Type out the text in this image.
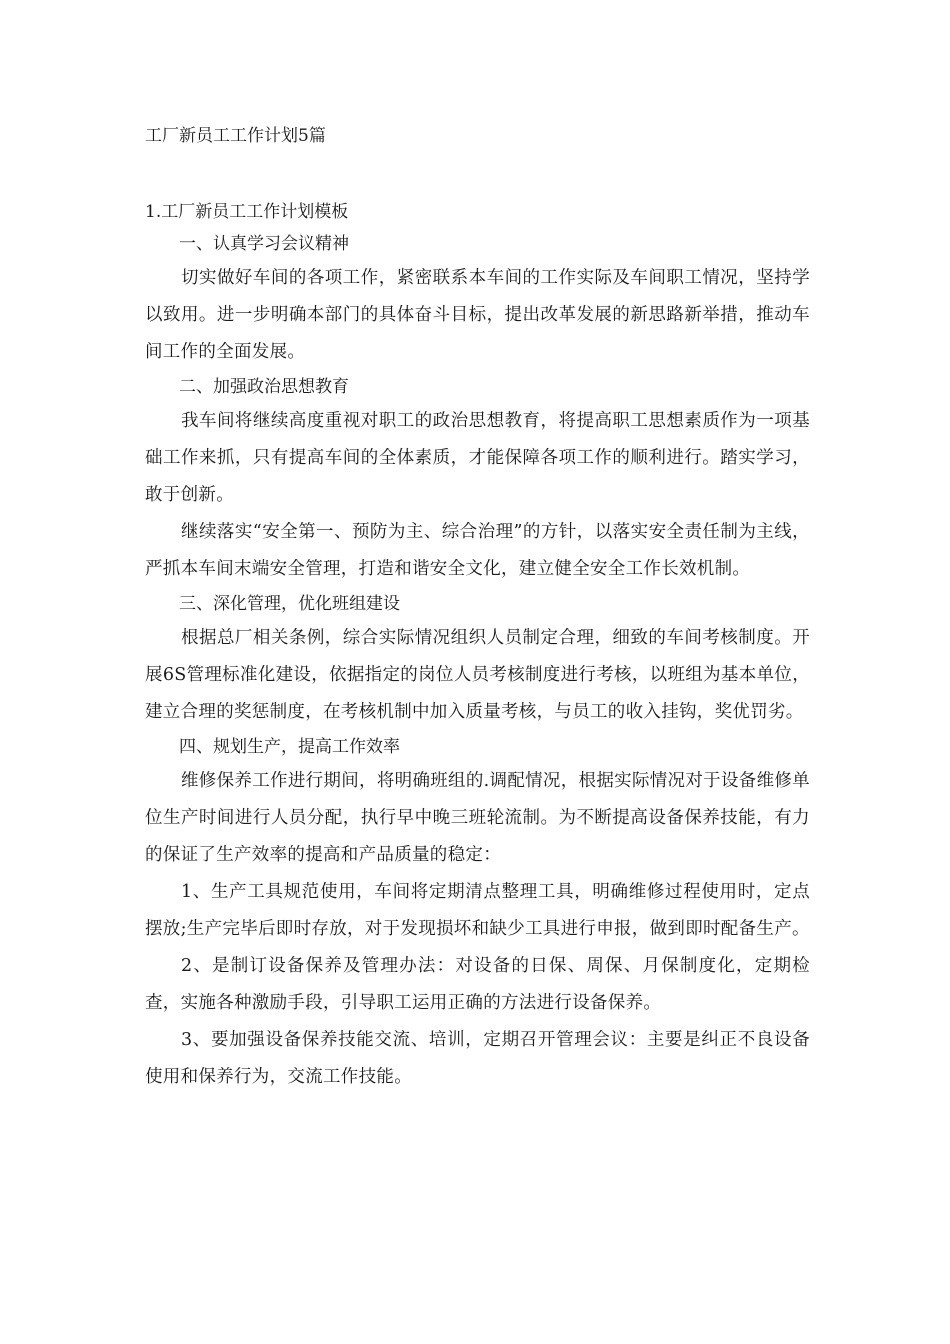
工厂新员工工作计划5篇

1.工厂新员工工作计划模板

一、认真学习会议精神

切实做好车间的各项工作，紧密联系本车间的工作实际及车间职工情况，坚持学以致用。进一步明确本部门的具体奋斗目标，提出改革发展的新思路新举措，推动车间工作的全面发展。

二、加强政治思想教育

我车间将继续高度重视对职工的政治思想教育，将提高职工思想素质作为一项基础工作来抓，只有提高车间的全体素质，才能保障各项工作的顺利进行。踏实学习，敢于创新。

继续落实“安全第一、预防为主、综合治理”的方针，以落实安全责任制为主线，严抓本车间末端安全管理，打造和谐安全文化，建立健全安全工作长效机制。

三、深化管理，优化班组建设

根据总厂相关条例，综合实际情况组织人员制定合理，细致的车间考核制度。开展6S管理标准化建设，依据指定的岗位人员考核制度进行考核，以班组为基本单位，建立合理的奖惩制度，在考核机制中加入质量考核，与员工的收入挂钩，奖优罚劣。

四、规划生产，提高工作效率

维修保养工作进行期间，将明确班组的.调配情况，根据实际情况对于设备维修单位生产时间进行人员分配，执行早中晚三班轮流制。为不断提高设备保养技能，有力的保证了生产效率的提高和产品质量的稳定：

1、生产工具规范使用，车间将定期清点整理工具，明确维修过程使用时，定点摆放;生产完毕后即时存放，对于发现损坏和缺少工具进行申报，做到即时配备生产。

2、是制订设备保养及管理办法：对设备的日保、周保、月保制度化，定期检查，实施各种激励手段，引导职工运用正确的方法进行设备保养。

3、要加强设备保养技能交流、培训，定期召开管理会议：主要是纠正不良设备使用和保养行为，交流工作技能。
